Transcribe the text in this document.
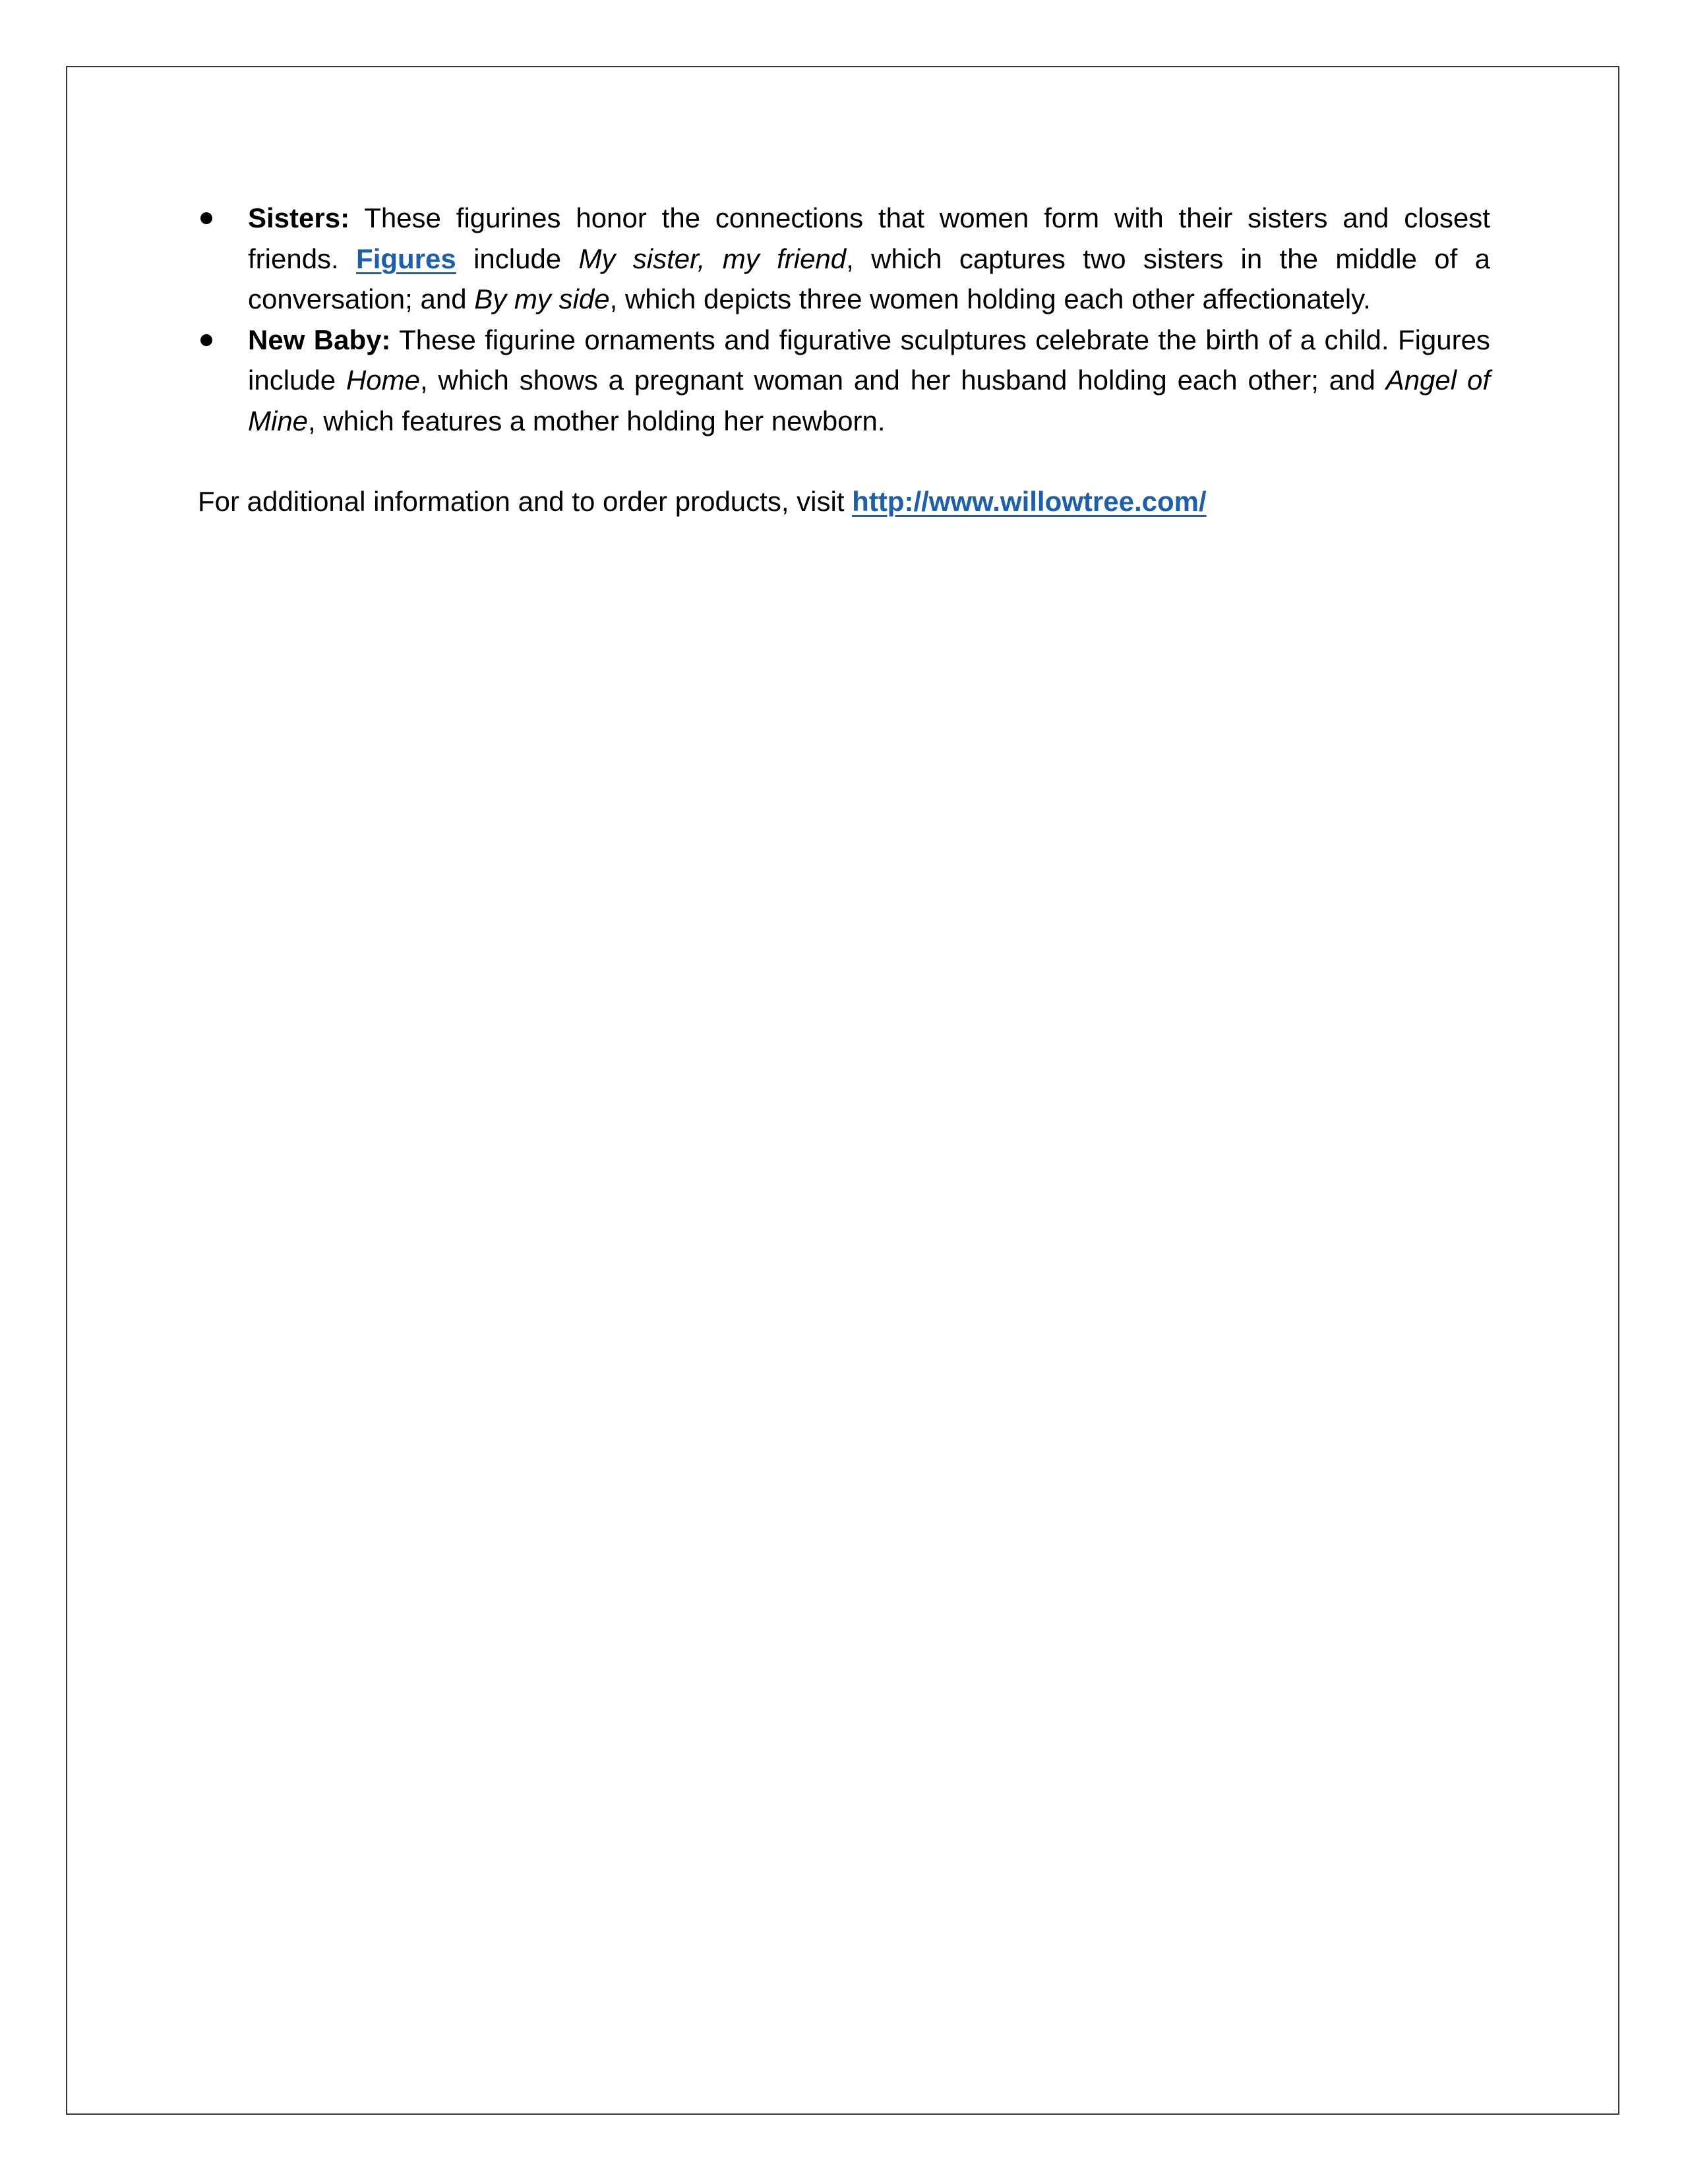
Sisters: These figurines honor the connections that women form with their sisters and closest friends. Figures include My sister, my friend, which captures two sisters in the middle of a conversation; and By my side, which depicts three women holding each other affectionately.
New Baby: These figurine ornaments and figurative sculptures celebrate the birth of a child. Figures include Home, which shows a pregnant woman and her husband holding each other; and Angel of Mine, which features a mother holding her newborn.

For additional information and to order products, visit http://www.willowtree.com/
